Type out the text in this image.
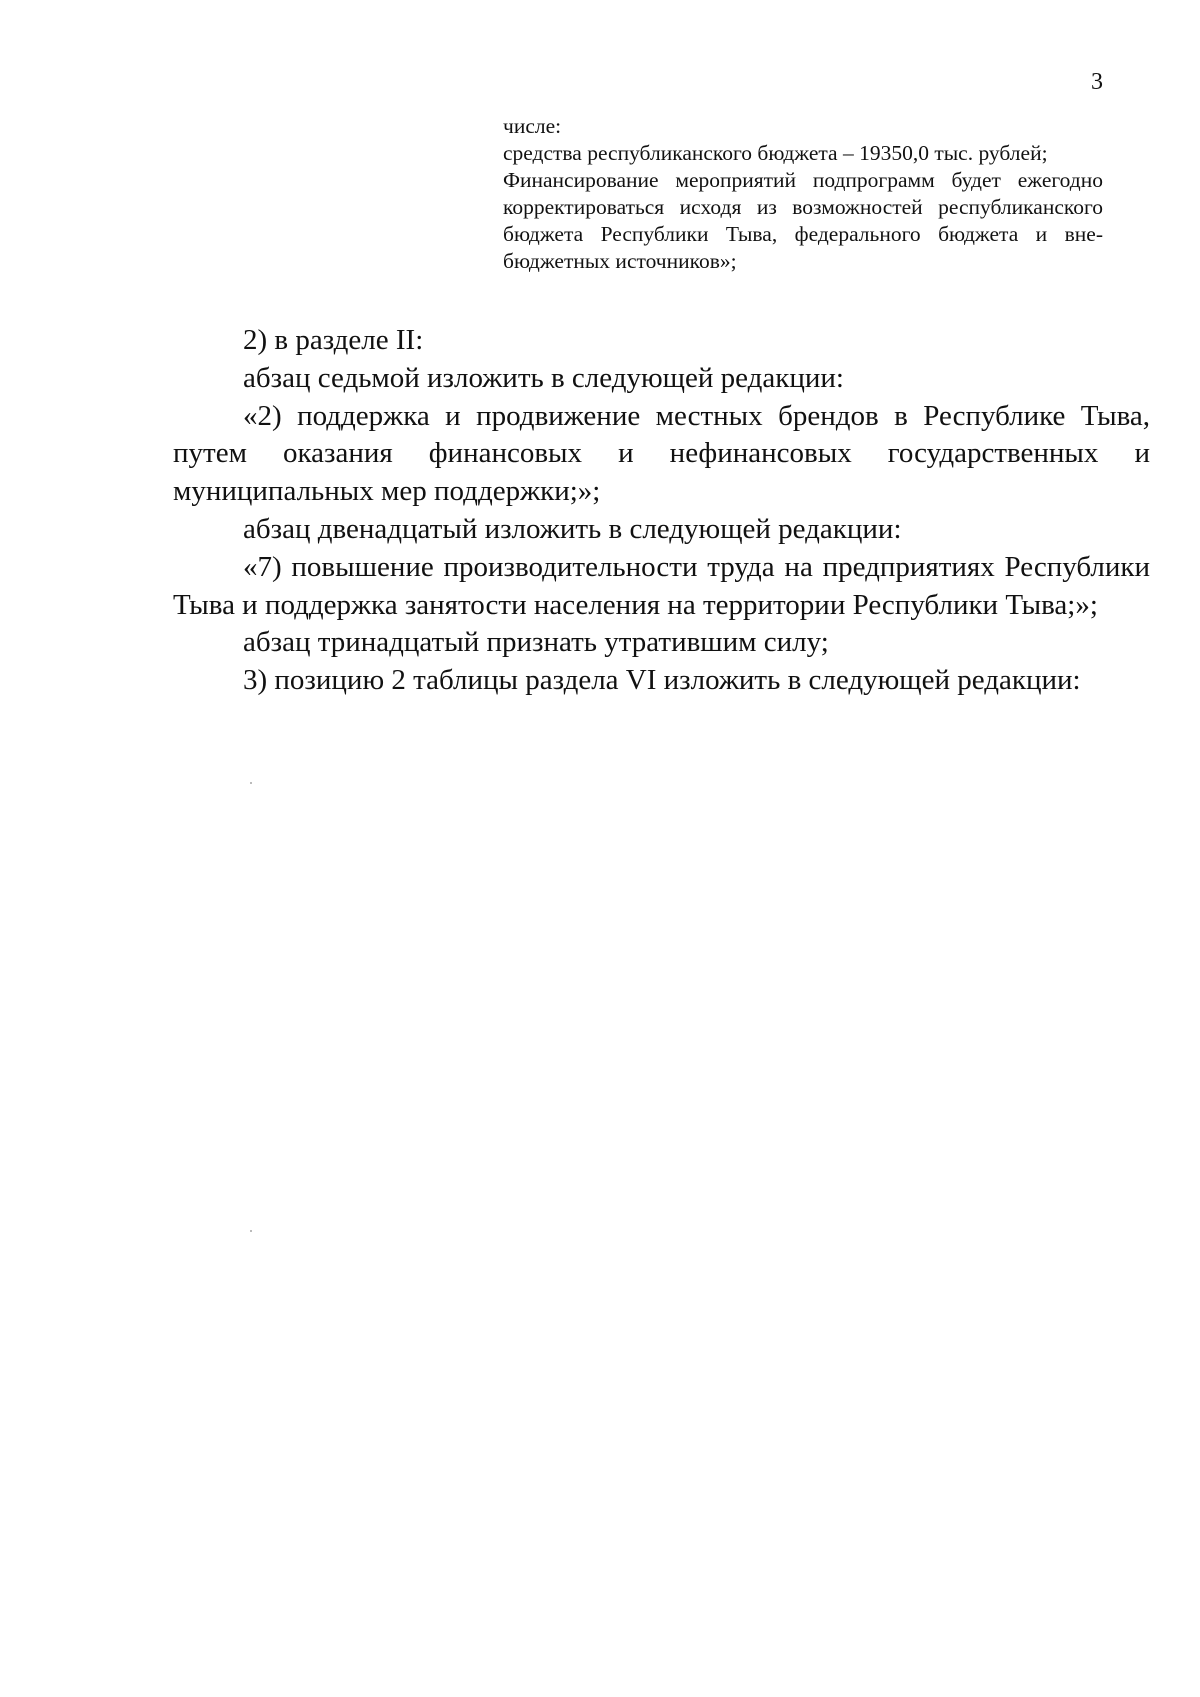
3

числе:

средства республиканского бюджета – 19350,0 тыс. рублей;

Финансирование мероприятий подпрограмм будет ежегодно корректироваться исходя из возможностей республиканского бюджета Республики Тыва, федерального бюджета и вне-бюджетных источников»;

2) в разделе II:

абзац седьмой изложить в следующей редакции:

«2) поддержка и продвижение местных брендов в Республике Тыва, путем оказания финансовых и нефинансовых государственных и муниципальных мер поддержки;»;

абзац двенадцатый изложить в следующей редакции:

«7) повышение производительности труда на предприятиях Республики Тыва и поддержка занятости населения на территории Республики Тыва;»;

абзац тринадцатый признать утратившим силу;

3) позицию 2 таблицы раздела VI изложить в следующей редакции:
